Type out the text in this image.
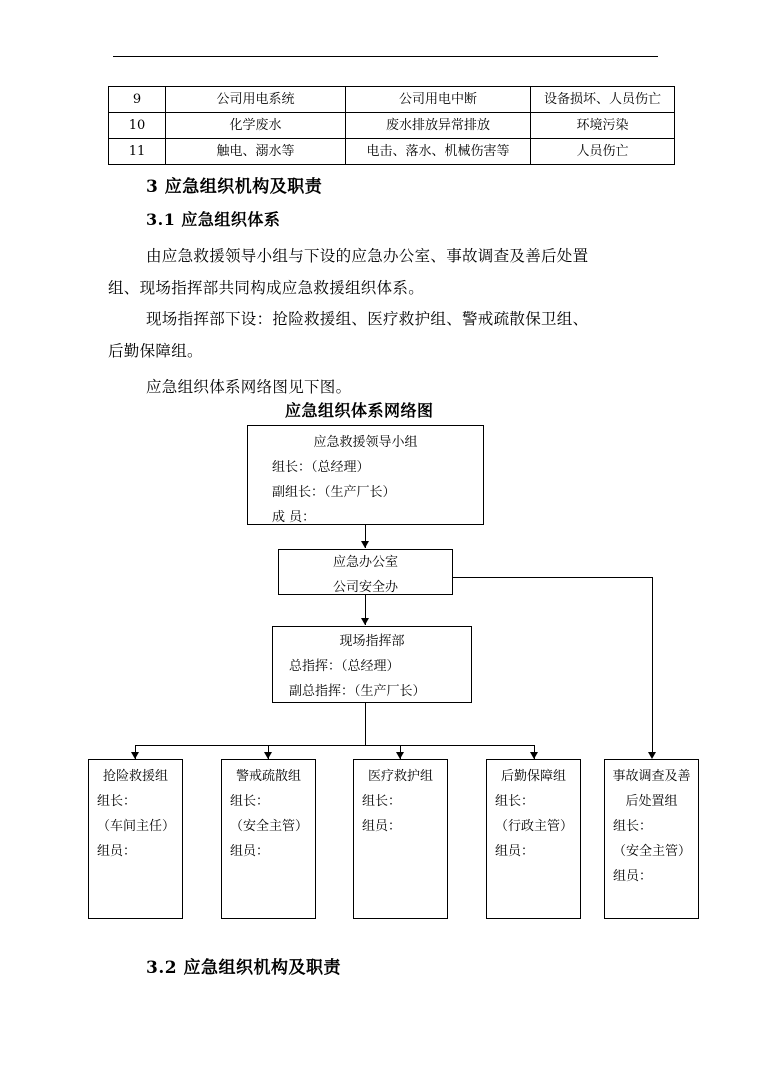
9	公司用电系统	公司用电中断	设备损坏、人员伤亡
10	化学废水	废水排放异常排放	环境污染
11	触电、溺水等	电击、落水、机械伤害等	人员伤亡
3 应急组织机构及职责
3.1 应急组织体系
由应急救援领导小组与下设的应急办公室、事故调查及善后处置
组、现场指挥部共同构成应急救援组织体系。
现场指挥部下设：抢险救援组、医疗救护组、警戒疏散保卫组、
后勤保障组。
应急组织体系网络图见下图。
应急组织体系网络图
应急救援领导小组
组长：（总经理）
副组长：（生产厂长）
成 员：
应急办公室
公司安全办
现场指挥部
总指挥：（总经理）
副总指挥：（生产厂长）
抢险救援组
组长：
（车间主任）
组员：
警戒疏散组
组长：
（安全主管）
组员：
医疗救护组
组长：
组员：
后勤保障组
组长：
（行政主管）
组员：
事故调查及善
后处置组
组长：
（安全主管）
组员：
3.2 应急组织机构及职责
